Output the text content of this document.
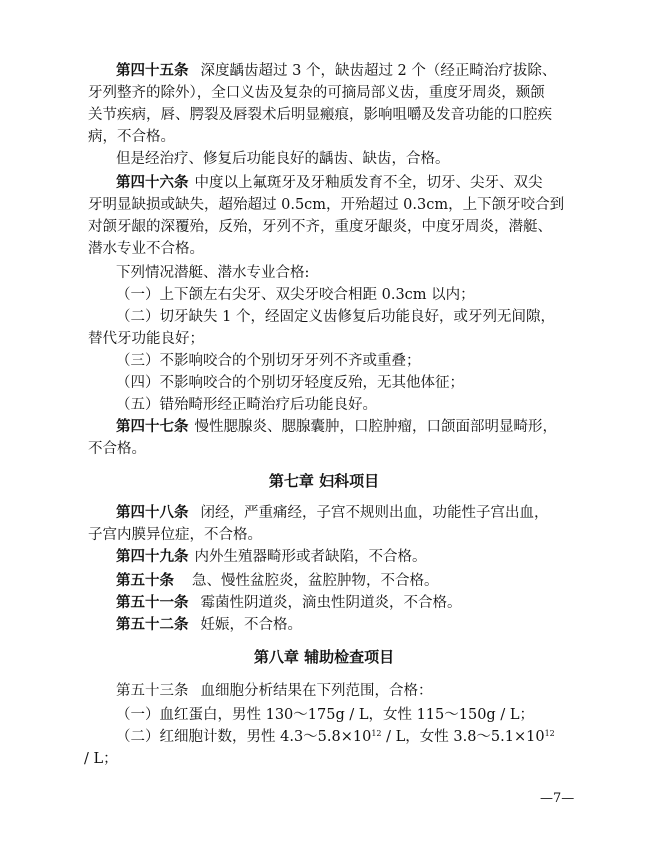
第四十五条 深度龋齿超过 3 个，缺齿超过 2 个（经正畸治疗拔除、
牙列整齐的除外），全口义齿及复杂的可摘局部义齿，重度牙周炎，颞颌
关节疾病，唇、腭裂及唇裂术后明显瘢痕，影响咀嚼及发音功能的口腔疾
病，不合格。
但是经治疗、修复后功能良好的龋齿、缺齿，合格。
第四十六条 中度以上氟斑牙及牙釉质发育不全，切牙、尖牙、双尖
牙明显缺损或缺失，超殆超过 0.5cm，开殆超过 0.3cm，上下颌牙咬合到
对颌牙龈的深覆殆，反殆，牙列不齐，重度牙龈炎，中度牙周炎，潜艇、
潜水专业不合格。
下列情况潜艇、潜水专业合格:
（一）上下颌左右尖牙、双尖牙咬合相距 0.3cm 以内；
（二）切牙缺失 1 个，经固定义齿修复后功能良好，或牙列无间隙，
替代牙功能良好；
（三）不影响咬合的个别切牙牙列不齐或重叠；
（四）不影响咬合的个别切牙轻度反殆，无其他体征；
（五）错殆畸形经正畸治疗后功能良好。
第四十七条 慢性腮腺炎、腮腺囊肿，口腔肿瘤，口颌面部明显畸形，
不合格。
第七章 妇科项目
第四十八条 闭经，严重痛经，子宫不规则出血，功能性子宫出血，
子宫内膜异位症，不合格。
第四十九条 内外生殖器畸形或者缺陷，不合格。
第五十条 急、慢性盆腔炎，盆腔肿物，不合格。
第五十一条 霉菌性阴道炎，滴虫性阴道炎，不合格。
第五十二条 妊娠，不合格。
第八章 辅助检查项目
第五十三条 血细胞分析结果在下列范围，合格：
（一）血红蛋白，男性 130～175g / L，女性 115～150g / L；
（二）红细胞计数，男性 $4.3\sim 5.8\times 10^{12} / L$，女性 $3.8\sim 5.1\times 10^{12}$
/ L；
—7—
